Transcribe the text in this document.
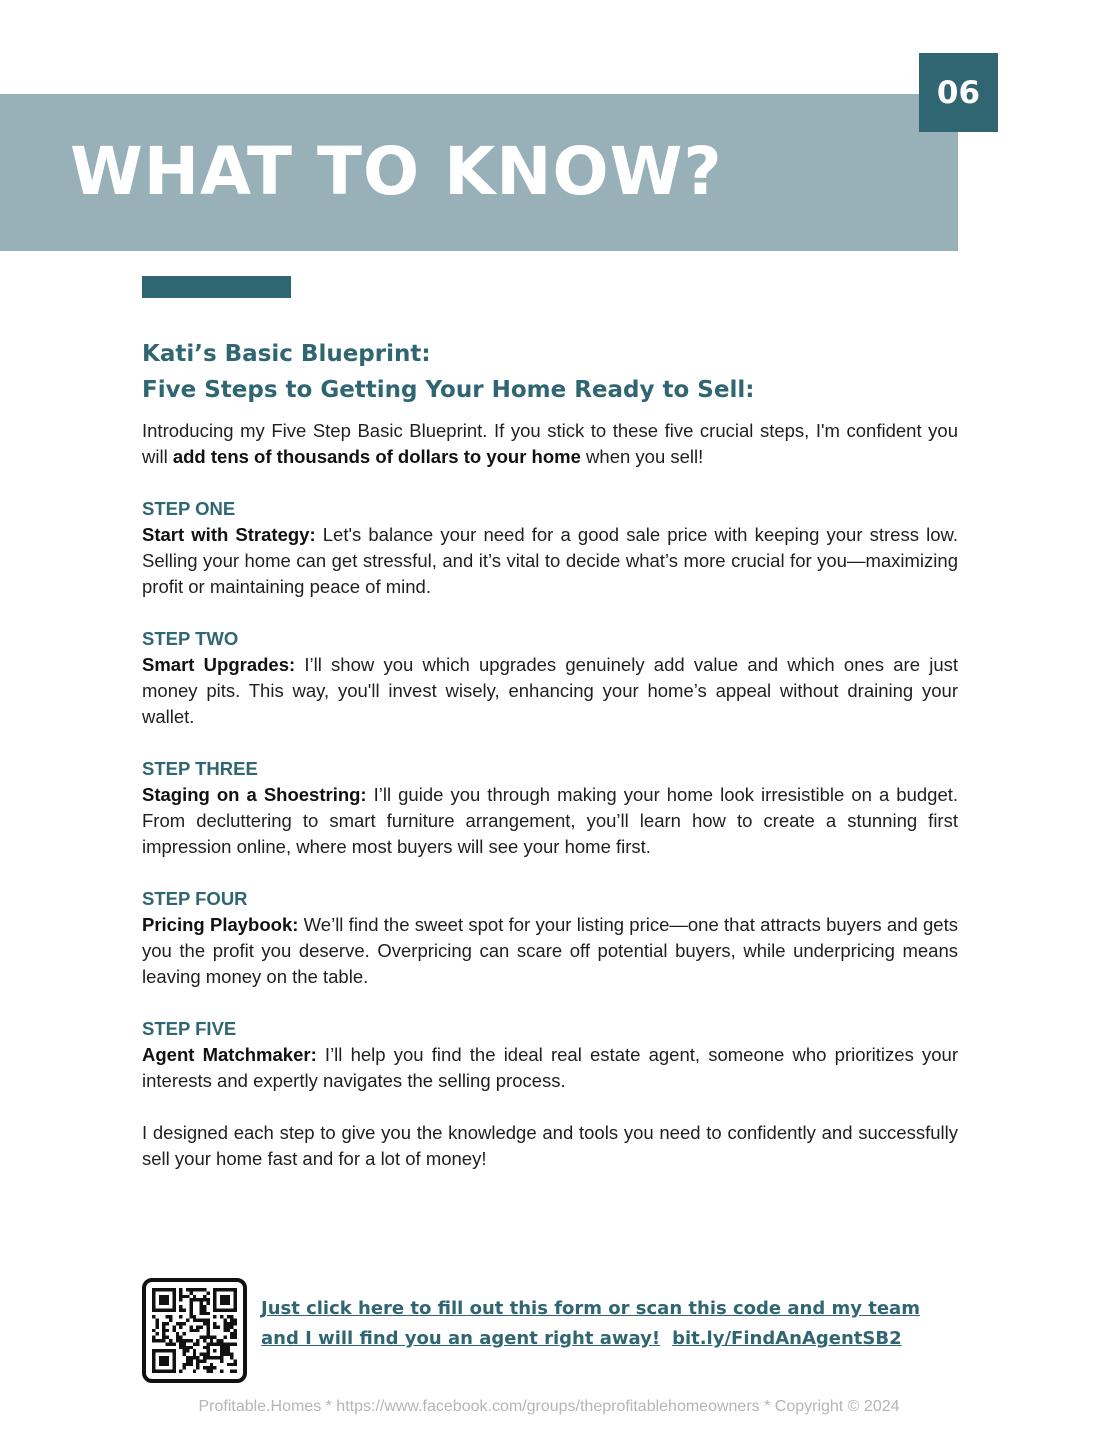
WHAT TO KNOW?
06
Kati’s Basic Blueprint:
Five Steps to Getting Your Home Ready to Sell:

Introducing my Five Step Basic Blueprint. If you stick to these five crucial steps, I'm confident you will add tens of thousands of dollars to your home when you sell!

STEP ONE

Start with Strategy: Let's balance your need for a good sale price with keeping your stress low. Selling your home can get stressful, and it’s vital to decide what’s more crucial for you—maximizing profit or maintaining peace of mind.

STEP TWO

Smart Upgrades: I’ll show you which upgrades genuinely add value and which ones are just money pits. This way, you'll invest wisely, enhancing your home’s appeal without draining your wallet.

STEP THREE

Staging on a Shoestring: I’ll guide you through making your home look irresistible on a budget. From decluttering to smart furniture arrangement, you’ll learn how to create a stunning first impression online, where most buyers will see your home first.

STEP FOUR

Pricing Playbook: We’ll find the sweet spot for your listing price—one that attracts buyers and gets you the profit you deserve. Overpricing can scare off potential buyers, while underpricing means leaving money on the table.

STEP FIVE

Agent Matchmaker: I’ll help you find the ideal real estate agent, someone who prioritizes your interests and expertly navigates the selling process.

I designed each step to give you the knowledge and tools you need to confidently and successfully sell your home fast and for a lot of money!

Just click here to fill out this form or scan this code and my team
and I will find you an agent right away! bit.ly/FindAnAgentSB2
Profitable.Homes * https://www.facebook.com/groups/theprofitablehomeowners * Copyright © 2024
